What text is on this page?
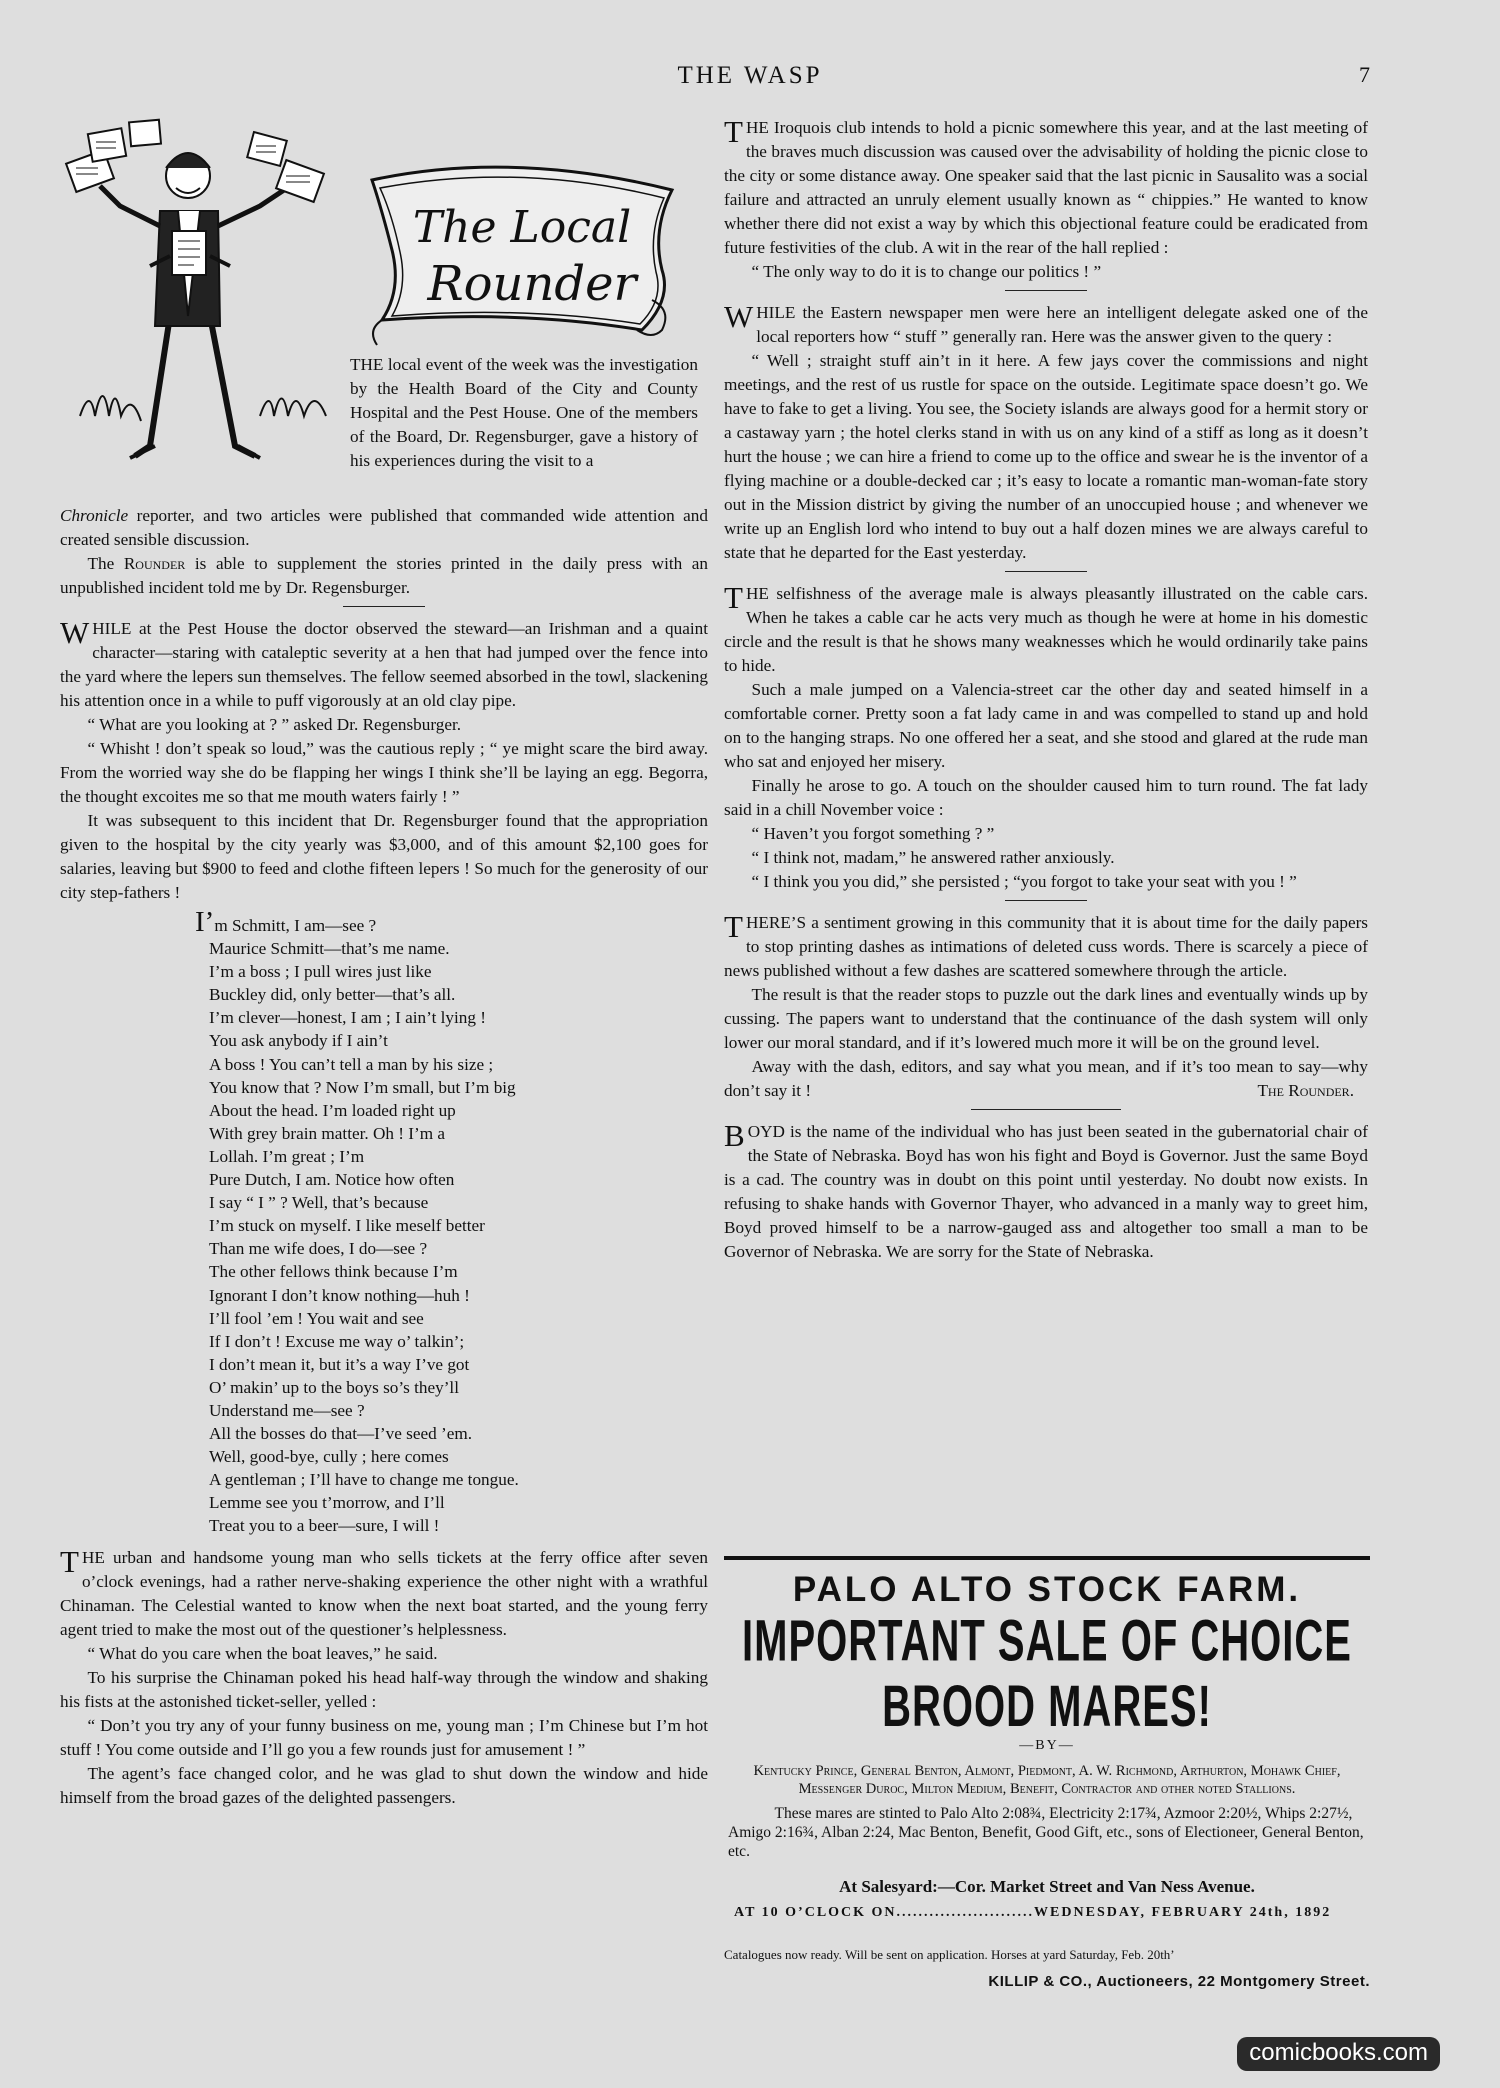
THE WASP	7
The Local
Rounder

THE local event of the week was the investigation by the Health Board of the City and County Hospital and the Pest House. One of the members of the Board, Dr. Regensburger, gave a history of his experiences during the visit to a

Chronicle reporter, and two articles were published that commanded wide attention and created sensible discussion.

The Rounder is able to supplement the stories printed in the daily press with an unpublished incident told me by Dr. Regensburger.

WHILE at the Pest House the doctor observed the steward—an Irishman and a quaint character—staring with cataleptic severity at a hen that had jumped over the fence into the yard where the lepers sun themselves. The fellow seemed absorbed in the towl, slackening his attention once in a while to puff vigorously at an old clay pipe.

“ What are you looking at ? ” asked Dr. Regensburger.

“ Whisht ! don’t speak so loud,” was the cautious reply ; “ ye might scare the bird away. From the worried way she do be flapping her wings I think she’ll be laying an egg. Begorra, the thought excoites me so that me mouth waters fairly ! ”

It was subsequent to this incident that Dr. Regensburger found that the appropriation given to the hospital by the city yearly was $3,000, and of this amount $2,100 goes for salaries, leaving but $900 to feed and clothe fifteen lepers ! So much for the generosity of our city step-fathers !

I’m Schmitt, I am—see ?
Maurice Schmitt—that’s me name.
I’m a boss ; I pull wires just like
Buckley did, only better—that’s all.
I’m clever—honest, I am ; I ain’t lying !
You ask anybody if I ain’t
A boss ! You can’t tell a man by his size ;
You know that ? Now I’m small, but I’m big
About the head. I’m loaded right up
With grey brain matter. Oh ! I’m a
Lollah. I’m great ; I’m
Pure Dutch, I am. Notice how often
I say “ I ” ? Well, that’s because
I’m stuck on myself. I like meself better
Than me wife does, I do—see ?
The other fellows think because I’m
Ignorant I don’t know nothing—huh !
I’ll fool ’em ! You wait and see
If I don’t ! Excuse me way o’ talkin’;
I don’t mean it, but it’s a way I’ve got
O’ makin’ up to the boys so’s they’ll
Understand me—see ?
All the bosses do that—I’ve seed ’em.
Well, good-bye, cully ; here comes
A gentleman ; I’ll have to change me tongue.
Lemme see you t’morrow, and I’ll
Treat you to a beer—sure, I will !

THE urban and handsome young man who sells tickets at the ferry office after seven o’clock evenings, had a rather nerve-shaking experience the other night with a wrathful Chinaman. The Celestial wanted to know when the next boat started, and the young ferry agent tried to make the most out of the questioner’s helplessness.

“ What do you care when the boat leaves,” he said.

To his surprise the Chinaman poked his head half-way through the window and shaking his fists at the astonished ticket-seller, yelled :

“ Don’t you try any of your funny business on me, young man ; I’m Chinese but I’m hot stuff ! You come outside and I’ll go you a few rounds just for amusement ! ”

The agent’s face changed color, and he was glad to shut down the window and hide himself from the broad gazes of the delighted passengers.

THE Iroquois club intends to hold a picnic somewhere this year, and at the last meeting of the braves much discussion was caused over the advisability of holding the picnic close to the city or some distance away. One speaker said that the last picnic in Sausalito was a social failure and attracted an unruly element usually known as “ chippies.” He wanted to know whether there did not exist a way by which this objectional feature could be eradicated from future festivities of the club. A wit in the rear of the hall replied :

“ The only way to do it is to change our politics ! ”

WHILE the Eastern newspaper men were here an intelligent delegate asked one of the local reporters how “ stuff ” generally ran. Here was the answer given to the query :

“ Well ; straight stuff ain’t in it here. A few jays cover the commissions and night meetings, and the rest of us rustle for space on the outside. Legitimate space doesn’t go. We have to fake to get a living. You see, the Society islands are always good for a hermit story or a castaway yarn ; the hotel clerks stand in with us on any kind of a stiff as long as it doesn’t hurt the house ; we can hire a friend to come up to the office and swear he is the inventor of a flying machine or a double-decked car ; it’s easy to locate a romantic man-woman-fate story out in the Mission district by giving the number of an unoccupied house ; and whenever we write up an English lord who intend to buy out a half dozen mines we are always careful to state that he departed for the East yesterday.

THE selfishness of the average male is always pleasantly illustrated on the cable cars. When he takes a cable car he acts very much as though he were at home in his domestic circle and the result is that he shows many weaknesses which he would ordinarily take pains to hide.

Such a male jumped on a Valencia-street car the other day and seated himself in a comfortable corner. Pretty soon a fat lady came in and was compelled to stand up and hold on to the hanging straps. No one offered her a seat, and she stood and glared at the rude man who sat and enjoyed her misery.

Finally he arose to go. A touch on the shoulder caused him to turn round. The fat lady said in a chill November voice :

“ Haven’t you forgot something ? ”

“ I think not, madam,” he answered rather anxiously.

“ I think you you did,” she persisted ; “you forgot to take your seat with you ! ”

THERE’S a sentiment growing in this community that it is about time for the daily papers to stop printing dashes as intimations of deleted cuss words. There is scarcely a piece of news published without a few dashes are scattered somewhere through the article.

The result is that the reader stops to puzzle out the dark lines and eventually winds up by cussing. The papers want to understand that the continuance of the dash system will only lower our moral standard, and if it’s lowered much more it will be on the ground level.

Away with the dash, editors, and say what you mean, and if it’s too mean to say—why don’t say it !	The Rounder.

BOYD is the name of the individual who has just been seated in the gubernatorial chair of the State of Nebraska. Boyd has won his fight and Boyd is Governor. Just the same Boyd is a cad. The country was in doubt on this point until yesterday. No doubt now exists. In refusing to shake hands with Governor Thayer, who advanced in a manly way to greet him, Boyd proved himself to be a narrow-gauged ass and altogether too small a man to be Governor of Nebraska. We are sorry for the State of Nebraska.

PALO ALTO STOCK FARM.
IMPORTANT SALE OF CHOICE BROOD MARES!
—BY—
Kentucky Prince, General Benton, Almont, Piedmont, A. W. Richmond, Arthurton, Mohawk Chief, Messenger Duroc, Milton Medium, Benefit, Contractor and other noted Stallions.
These mares are stinted to Palo Alto 2:08¾, Electricity 2:17¾, Azmoor 2:20½, Whips 2:27½, Amigo 2:16¾, Alban 2:24, Mac Benton, Benefit, Good Gift, etc., sons of Electioneer, General Benton, etc.
At Salesyard:—Cor. Market Street and Van Ness Avenue.
AT 10 O’CLOCK ON.........................WEDNESDAY, FEBRUARY 24th, 1892
Catalogues now ready. Will be sent on application. Horses at yard Saturday, Feb. 20th’
KILLIP & CO., Auctioneers, 22 Montgomery Street.
comicbooks.com
